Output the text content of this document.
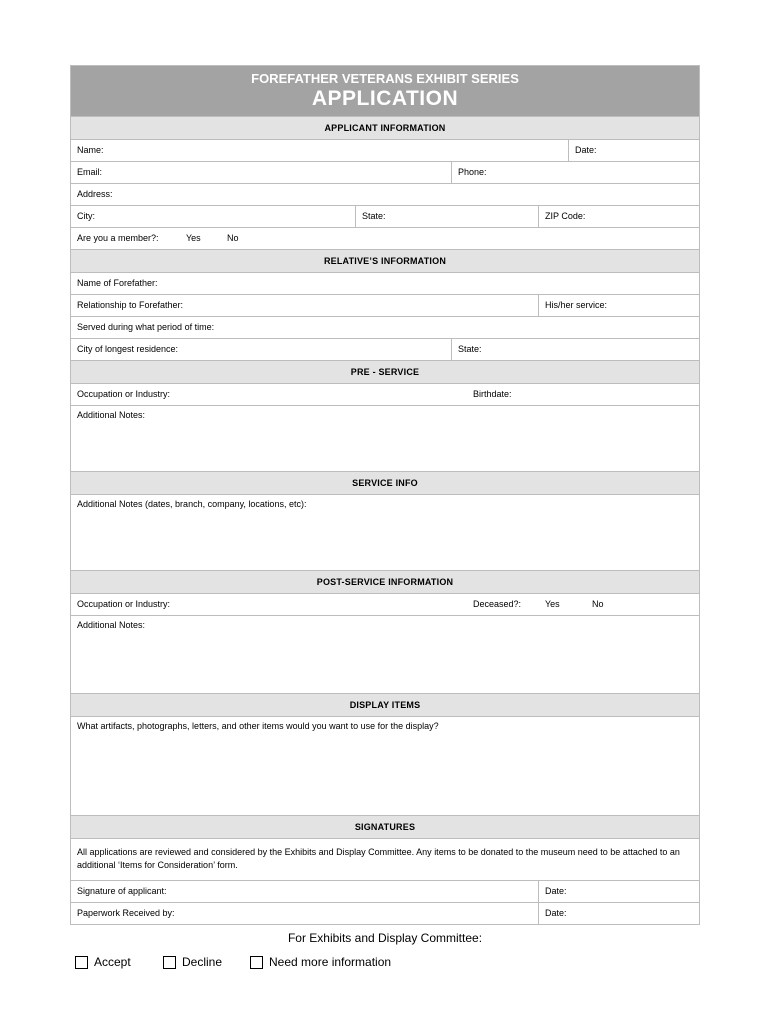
FOREFATHER VETERANS EXHIBIT SERIES
APPLICATION
APPLICANT INFORMATION
Name:	Date:
Email:	Phone:
Address:
City:	State:	ZIP Code:
Are you a member?:	Yes	No
RELATIVE’S INFORMATION
Name of Forefather:
Relationship to Forefather:	His/her service:
Served during what period of time:
City of longest residence:	State:
PRE - SERVICE
Occupation or Industry:	Birthdate:
Additional Notes:
SERVICE INFO
Additional Notes (dates, branch, company, locations, etc):
POST-SERVICE INFORMATION
Occupation or Industry:	Deceased?:	Yes	No
Additional Notes:
DISPLAY ITEMS
What artifacts, photographs, letters, and other items would you want to use for the display?
SIGNATURES
All applications are reviewed and considered by the Exhibits and Display Committee. Any items to be donated to the museum need to be attached to an additional ‘Items for Consideration’ form.
Signature of applicant:	Date:
Paperwork Received by:	Date:
For Exhibits and Display Committee:
Accept	Decline	Need more information
